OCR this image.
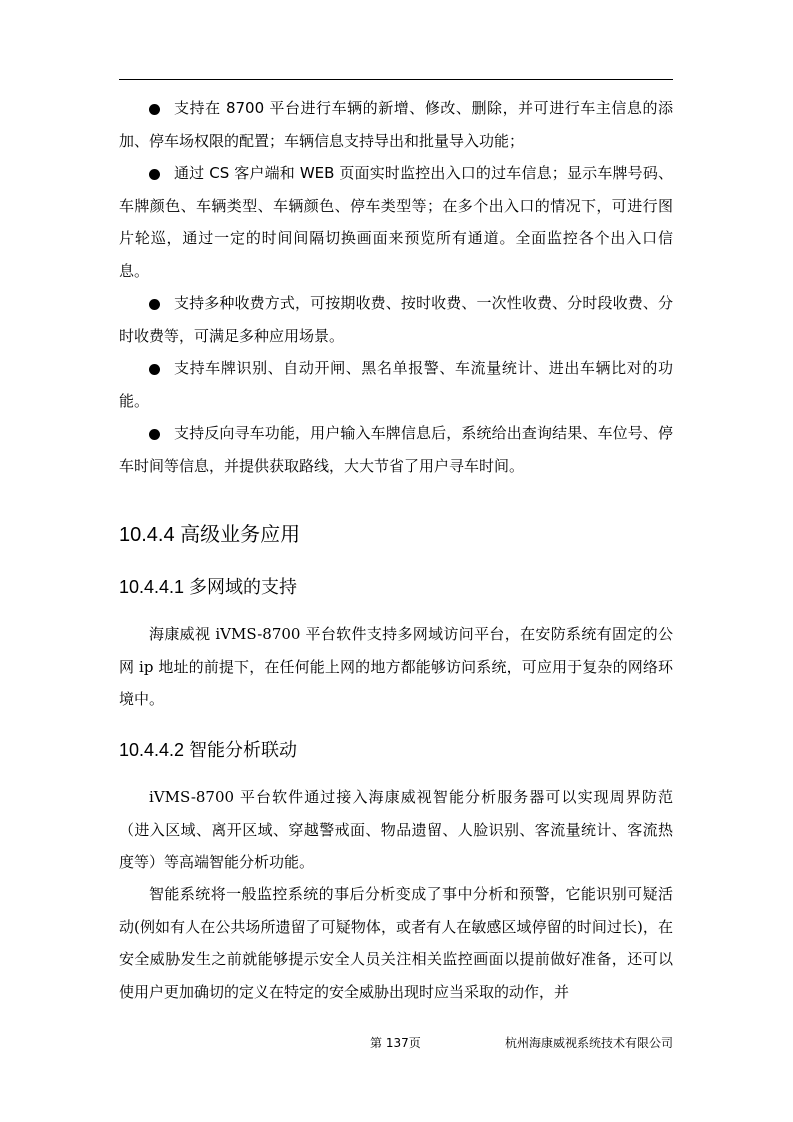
支持在 8700 平台进行车辆的新增、修改、删除，并可进行车主信息的添加、停车场权限的配置；车辆信息支持导出和批量导入功能；

通过 CS 客户端和 WEB 页面实时监控出入口的过车信息；显示车牌号码、车牌颜色、车辆类型、车辆颜色、停车类型等；在多个出入口的情况下，可进行图片轮巡，通过一定的时间间隔切换画面来预览所有通道。全面监控各个出入口信息。

支持多种收费方式，可按期收费、按时收费、一次性收费、分时段收费、分时收费等，可满足多种应用场景。

支持车牌识别、自动开闸、黑名单报警、车流量统计、进出车辆比对的功能。

支持反向寻车功能，用户输入车牌信息后，系统给出查询结果、车位号、停车时间等信息，并提供获取路线，大大节省了用户寻车时间。

10.4.4 高级业务应用
10.4.4.1 多网域的支持

海康威视 iVMS-8700 平台软件支持多网域访问平台，在安防系统有固定的公网 ip 地址的前提下，在任何能上网的地方都能够访问系统，可应用于复杂的网络环境中。

10.4.4.2 智能分析联动

iVMS-8700 平台软件通过接入海康威视智能分析服务器可以实现周界防范（进入区域、离开区域、穿越警戒面、物品遗留、人脸识别、客流量统计、客流热度等）等高端智能分析功能。

智能系统将一般监控系统的事后分析变成了事中分析和预警，它能识别可疑活动(例如有人在公共场所遗留了可疑物体，或者有人在敏感区域停留的时间过长)，在安全威胁发生之前就能够提示安全人员关注相关监控画面以提前做好准备，还可以使用户更加确切的定义在特定的安全威胁出现时应当采取的动作，并

第 137页	杭州海康威视系统技术有限公司
